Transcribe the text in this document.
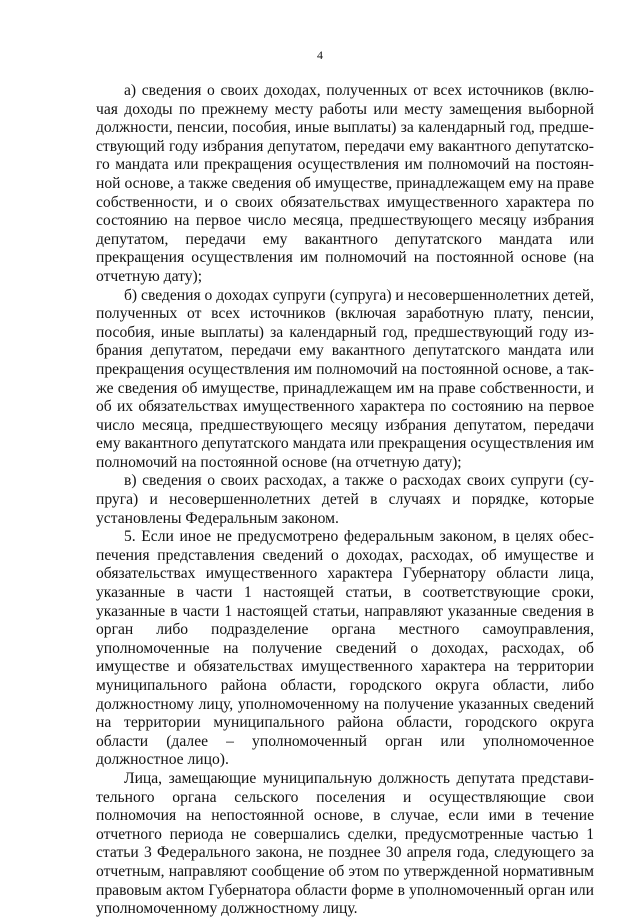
4

а) сведения о своих доходах, полученных от всех источников (включая доходы по прежнему месту работы или месту замещения выборной должности, пенсии, пособия, иные выплаты) за календарный год, предшествующий году избрания депутатом, передачи ему вакантного депутатского мандата или прекращения осуществления им полномочий на постоянной основе, а также сведения об имуществе, принадлежащем ему на праве собственности, и о своих обязательствах имущественного характера по состоянию на первое число месяца, предшествующего месяцу избрания депутатом, передачи ему вакантного депутатского мандата или прекращения осуществления им полномочий на постоянной основе (на отчетную дату);

б) сведения о доходах супруги (супруга) и несовершеннолетних детей, полученных от всех источников (включая заработную плату, пенсии, пособия, иные выплаты) за календарный год, предшествующий году избрания депутатом, передачи ему вакантного депутатского мандата или прекращения осуществления им полномочий на постоянной основе, а также сведения об имуществе, принадлежащем им на праве собственности, и об их обязательствах имущественного характера по состоянию на первое число месяца, предшествующего месяцу избрания депутатом, передачи ему вакантного депутатского мандата или прекращения осуществления им полномочий на постоянной основе (на отчетную дату);

в) сведения о своих расходах, а также о расходах своих супруги (супруга) и несовершеннолетних детей в случаях и порядке, которые установлены Федеральным законом.

5. Если иное не предусмотрено федеральным законом, в целях обеспечения представления сведений о доходах, расходах, об имуществе и обязательствах имущественного характера Губернатору области лица, указанные в части 1 настоящей статьи, в соответствующие сроки, указанные в части 1 настоящей статьи, направляют указанные сведения в орган либо подразделение органа местного самоуправления, уполномоченные на получение сведений о доходах, расходах, об имуществе и обязательствах имущественного характера на территории муниципального района области, городского округа области, либо должностному лицу, уполномоченному на получение указанных сведений на территории муниципального района области, городского округа области (далее – уполномоченный орган или уполномоченное должностное лицо).

Лица, замещающие муниципальную должность депутата представительного органа сельского поселения и осуществляющие свои полномочия на непостоянной основе, в случае, если ими в течение отчетного периода не совершались сделки, предусмотренные частью 1 статьи 3 Федерального закона, не позднее 30 апреля года, следующего за отчетным, направляют сообщение об этом по утвержденной нормативным правовым актом Губернатора области форме в уполномоченный орган или уполномоченному должностному лицу.
